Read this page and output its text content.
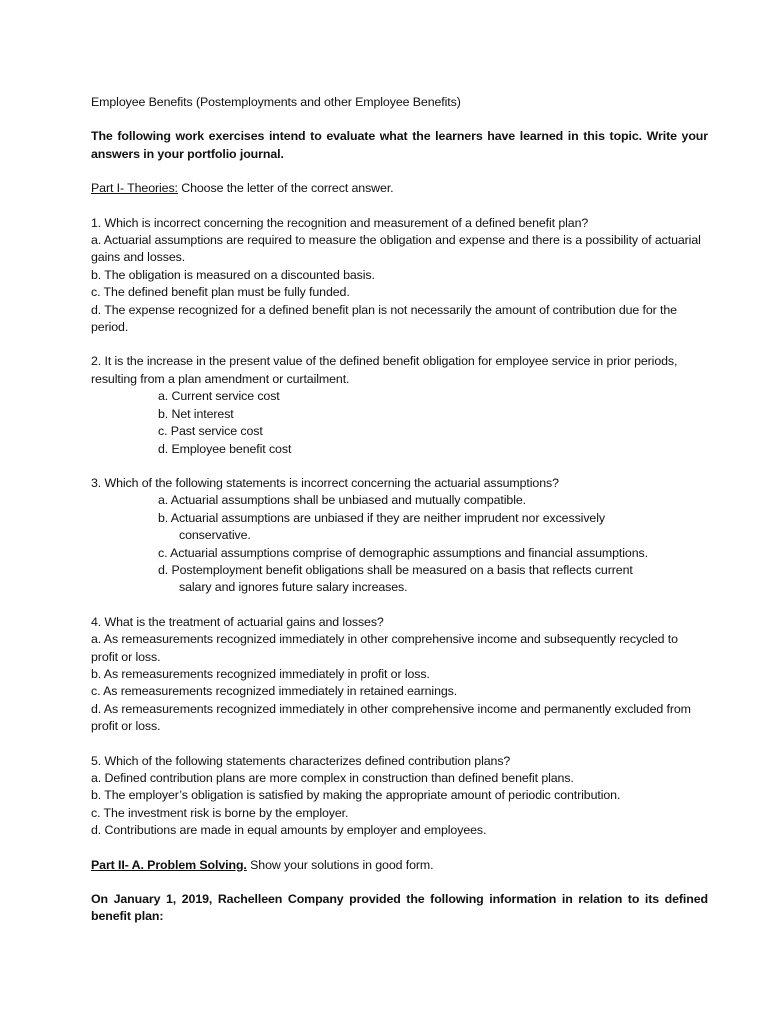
Employee Benefits (Postemployments and other Employee Benefits)

The following work exercises intend to evaluate what the learners have learned in this topic. Write your answers in your portfolio journal.

Part I- Theories: Choose the letter of the correct answer.

1. Which is incorrect concerning the recognition and measurement of a defined benefit plan?

a. Actuarial assumptions are required to measure the obligation and expense and there is a possibility of actuarial gains and losses.

b. The obligation is measured on a discounted basis.

c. The defined benefit plan must be fully funded.

d. The expense recognized for a defined benefit plan is not necessarily the amount of contribution due for the period.

2. It is the increase in the present value of the defined benefit obligation for employee service in prior periods, resulting from a plan amendment or curtailment.

a. Current service cost

b. Net interest

c. Past service cost

d. Employee benefit cost

3. Which of the following statements is incorrect concerning the actuarial assumptions?

a. Actuarial assumptions shall be unbiased and mutually compatible.

b. Actuarial assumptions are unbiased if they are neither imprudent nor excessively

conservative.

c. Actuarial assumptions comprise of demographic assumptions and financial assumptions.

d. Postemployment benefit obligations shall be measured on a basis that reflects current

salary and ignores future salary increases.

4. What is the treatment of actuarial gains and losses?

a. As remeasurements recognized immediately in other comprehensive income and subsequently recycled to profit or loss.

b. As remeasurements recognized immediately in profit or loss.

c. As remeasurements recognized immediately in retained earnings.

d. As remeasurements recognized immediately in other comprehensive income and permanently excluded from profit or loss.

5. Which of the following statements characterizes defined contribution plans?

a. Defined contribution plans are more complex in construction than defined benefit plans.

b. The employer’s obligation is satisfied by making the appropriate amount of periodic contribution.

c. The investment risk is borne by the employer.

d. Contributions are made in equal amounts by employer and employees.

Part II- A. Problem Solving. Show your solutions in good form.

On January 1, 2019, Rachelleen Company provided the following information in relation to its defined benefit plan:
